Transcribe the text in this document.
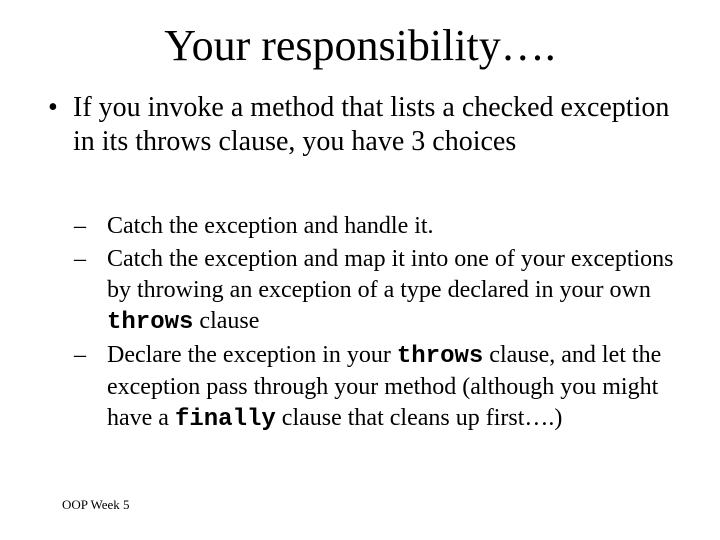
Your responsibility….
• If you invoke a method that lists a checked exception in its throws clause, you have 3 choices
– Catch the exception and handle it.
– Catch the exception and map it into one of your exceptions by throwing an exception of a type declared in your own throws clause
– Declare the exception in your throws clause, and let the exception pass through your method (although you might have a finally clause that cleans up first….)
OOP Week 5
